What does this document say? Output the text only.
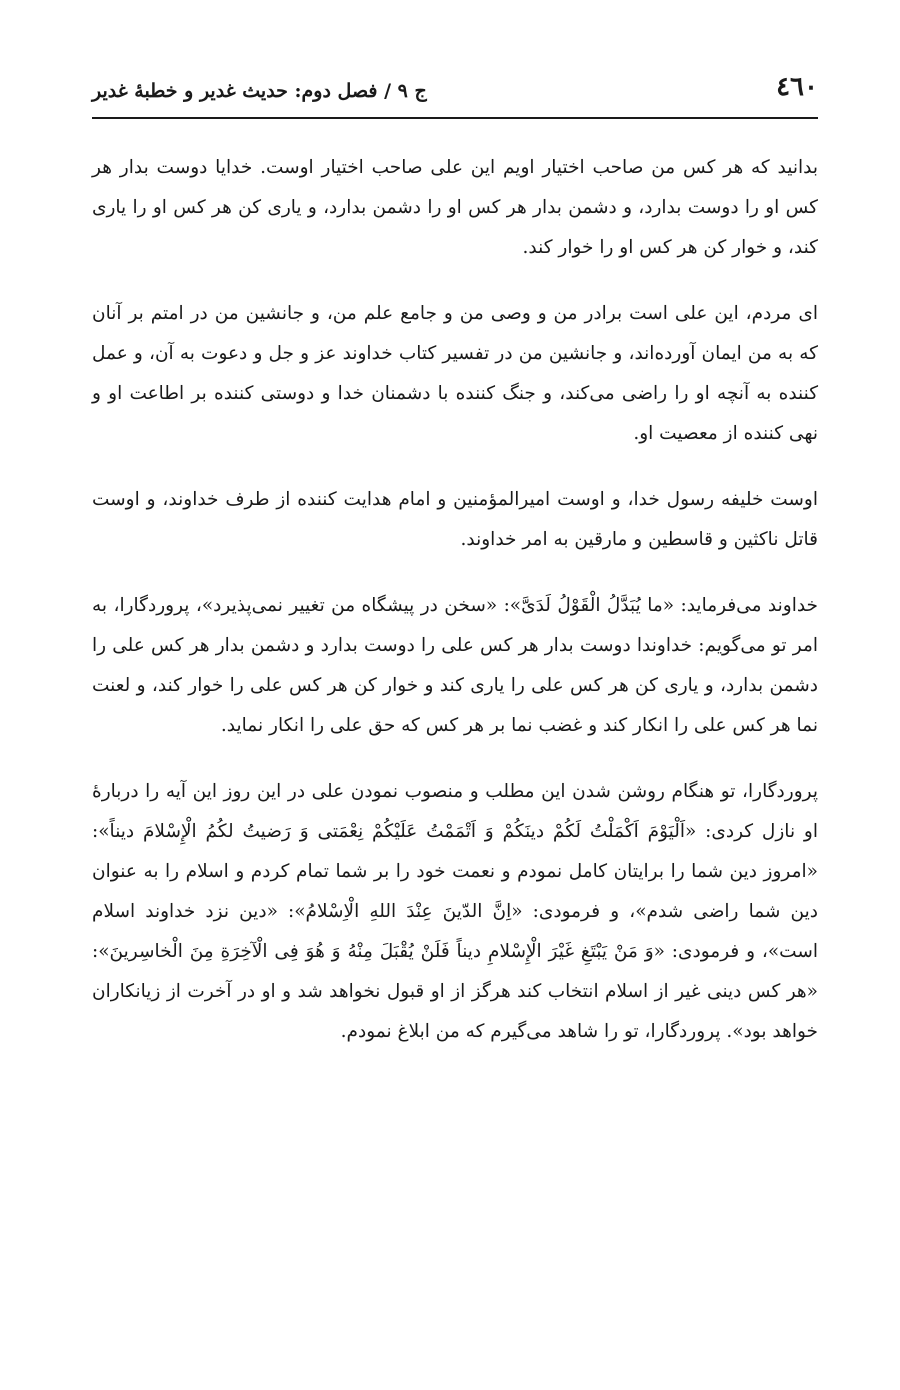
٤٦٠
ج ۹ / فصل دوم: حدیث غدیر و خطبهٔ غدیر

بدانید که هر کس من صاحب اختیار اویم این علی صاحب اختیار اوست. خدایا دوست بدار هر کس او را دوست بدارد، و دشمن بدار هر کس او را دشمن بدارد، و یاری کن هر کس او را یاری کند، و خوار کن هر کس او را خوار کند.

ای مردم، این علی است برادر من و وصی من و جامع علم من، و جانشین من در امتم بر آنان که به من ایمان آورده‌اند، و جانشین من در تفسیر کتاب خداوند عز و جل و دعوت به آن، و عمل کننده به آنچه او را راضی می‌کند، و جنگ کننده با دشمنان خدا و دوستی کننده بر اطاعت او و نهی کننده از معصیت او.

اوست خلیفه رسول خدا، و اوست امیرالمؤمنین و امام هدایت کننده از طرف خداوند، و اوست قاتل ناکثین و قاسطین و مارقین به امر خداوند.

خداوند می‌فرماید: «ما یُبَدَّلُ الْقَوْلُ لَدَیَّ»: «سخن در پیشگاه من تغییر نمی‌پذیرد»، پروردگارا، به امر تو می‌گویم: خداوندا دوست بدار هر کس علی را دوست بدارد و دشمن بدار هر کس علی را دشمن بدارد، و یاری کن هر کس علی را یاری کند و خوار کن هر کس علی را خوار کند، و لعنت نما هر کس علی را انکار کند و غضب نما بر هر کس که حق علی را انکار نماید.

پروردگارا، تو هنگام روشن شدن این مطلب و منصوب نمودن علی در این روز این آیه را دربارهٔ او نازل کردی: «اَلْیَوْمَ اَکْمَلْتُ لَکُمْ دینَکُمْ وَ اَتْمَمْتُ عَلَیْکُمْ نِعْمَتی وَ رَضیتُ لکُمُ الْإِسْلامَ دیناً»: «امروز دین شما را برایتان کامل نمودم و نعمت خود را بر شما تمام کردم و اسلام را به عنوان دین شما راضی شدم»، و فرمودی: «اِنَّ الدّینَ عِنْدَ اللهِ الْاِسْلامُ»: «دین نزد خداوند اسلام است»، و فرمودی: «وَ مَنْ یَبْتَغِ غَیْرَ الْإِسْلامِ دیناً فَلَنْ یُقْبَلَ مِنْهُ وَ هُوَ فِی الْآخِرَةِ مِنَ الْخاسِرینَ»: «هر کس دینی غیر از اسلام انتخاب کند هرگز از او قبول نخواهد شد و او در آخرت از زیانکاران خواهد بود». پروردگارا، تو را شاهد می‌گیرم که من ابلاغ نمودم.
